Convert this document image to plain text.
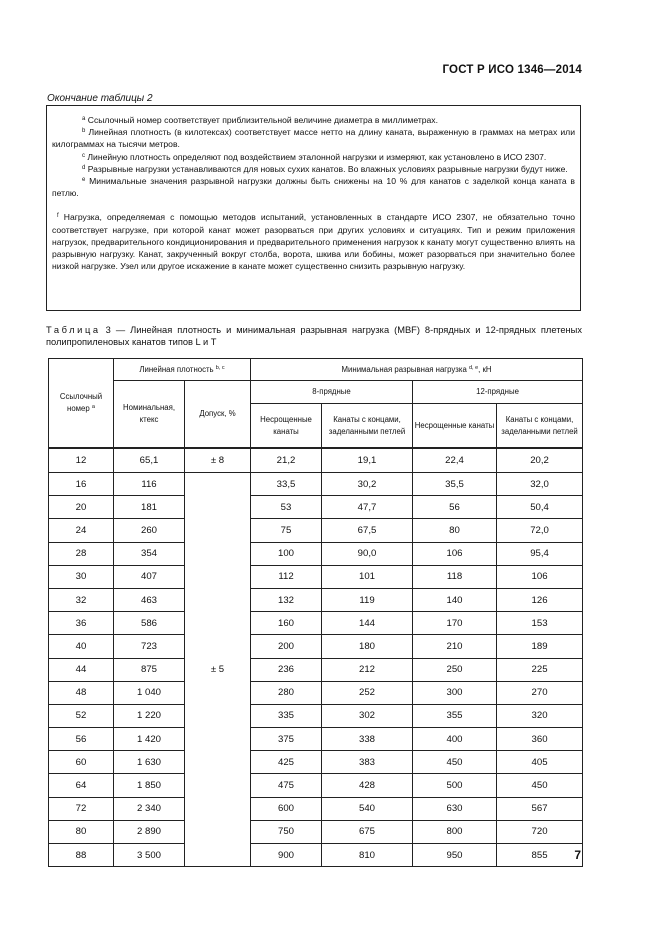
ГОСТ Р ИСО 1346—2014
Окончание таблицы 2

$^a$ Ссылочный номер соответствует приблизительной величине диаметра в миллиметрах.

$^b$ Линейная плотность (в килотексах) соответствует массе нетто на длину каната, выраженную в граммах на метрах или килограммах на тысячи метров.

$^c$ Линейную плотность определяют под воздействием эталонной нагрузки и измеряют, как установлено в ИСО 2307.

$^d$ Разрывные нагрузки устанавливаются для новых сухих канатов. Во влажных условиях разрывные нагрузки будут ниже.

$^e$ Минимальные значения разрывной нагрузки должны быть снижены на 10 % для канатов с заделкой конца каната в петлю.

$^f$ Нагрузка, определяемая с помощью методов испытаний, установленных в стандарте ИСО 2307, не обязательно точно соответствует нагрузке, при которой канат может разорваться при других условиях и ситуациях. Тип и режим приложения нагрузок, предварительного кондиционирования и предварительного применения нагрузок к канату могут существенно влиять на разрывную нагрузку. Канат, закрученный вокруг столба, ворота, шкива или бобины, может разорваться при значительно более низкой нагрузке. Узел или другое искажение в канате может существенно снизить разрывную нагрузку.

Таблица 3 — Линейная плотность и минимальная разрывная нагрузка (MBF) 8-прядных и 12-прядных плетеных полипропиленовых канатов типов L и T
Ссылочный номер $^a$	Линейная плотность $^{b, c}$		Минимальная разрывная нагрузка $^{d, e}$, кН			
	Номинальная, ктекс	Допуск, %	8-прядные		12-прядные	
			Несрощенные канаты	Канаты с концами, заделанными петлей	Несрощенные канаты	Канаты с концами, заделанными петлей
12	65,1	± 8	21,2	19,1	22,4	20,2
16	116	± 5	33,5	30,2	35,5	32,0
20	181		53	47,7	56	50,4
24	260		75	67,5	80	72,0
28	354		100	90,0	106	95,4
30	407		112	101	118	106
32	463		132	119	140	126
36	586		160	144	170	153
40	723		200	180	210	189
44	875		236	212	250	225
48	1 040		280	252	300	270
52	1 220		335	302	355	320
56	1 420		375	338	400	360
60	1 630		425	383	450	405
64	1 850		475	428	500	450
72	2 340		600	540	630	567
80	2 890		750	675	800	720
88	3 500		900	810	950	855 7
